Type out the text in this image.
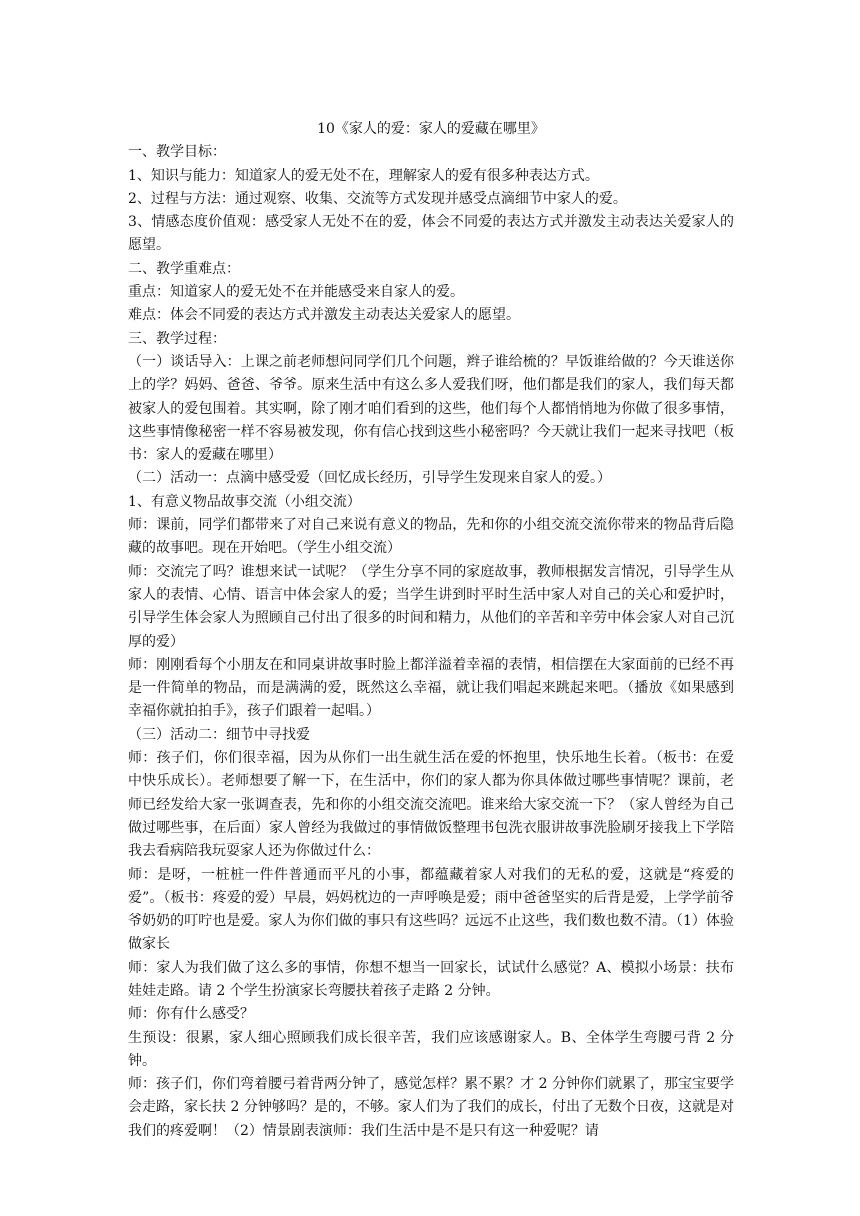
10《家人的爱：家人的爱藏在哪里》

一、教学目标：

1、知识与能力：知道家人的爱无处不在，理解家人的爱有很多种表达方式。

2、过程与方法：通过观察、收集、交流等方式发现并感受点滴细节中家人的爱。

3、情感态度价值观：感受家人无处不在的爱，体会不同爱的表达方式并激发主动表达关爱家人的愿望。

二、教学重难点：

重点：知道家人的爱无处不在并能感受来自家人的爱。

难点：体会不同爱的表达方式并激发主动表达关爱家人的愿望。

三、教学过程：

（一）谈话导入：上课之前老师想问同学们几个问题，辫子谁给梳的？早饭谁给做的？今天谁送你上的学？妈妈、爸爸、爷爷。原来生活中有这么多人爱我们呀，他们都是我们的家人，我们每天都被家人的爱包围着。其实啊，除了刚才咱们看到的这些，他们每个人都悄悄地为你做了很多事情，这些事情像秘密一样不容易被发现，你有信心找到这些小秘密吗？今天就让我们一起来寻找吧（板书：家人的爱藏在哪里）

（二）活动一：点滴中感受爱（回忆成长经历，引导学生发现来自家人的爱。）

1、有意义物品故事交流（小组交流）

师：课前，同学们都带来了对自己来说有意义的物品，先和你的小组交流交流你带来的物品背后隐藏的故事吧。现在开始吧。（学生小组交流）

师：交流完了吗？谁想来试一试呢？（学生分享不同的家庭故事，教师根据发言情况，引导学生从家人的表情、心情、语言中体会家人的爱；当学生讲到时平时生活中家人对自己的关心和爱护时，引导学生体会家人为照顾自己付出了很多的时间和精力，从他们的辛苦和辛劳中体会家人对自己沉厚的爱）

师：刚刚看每个小朋友在和同桌讲故事时脸上都洋溢着幸福的表情，相信摆在大家面前的已经不再是一件简单的物品，而是满满的爱，既然这么幸福，就让我们唱起来跳起来吧。（播放《如果感到幸福你就拍拍手》，孩子们跟着一起唱。）

（三）活动二：细节中寻找爱

师：孩子们，你们很幸福，因为从你们一出生就生活在爱的怀抱里，快乐地生长着。（板书：在爱中快乐成长）。老师想要了解一下，在生活中，你们的家人都为你具体做过哪些事情呢？课前，老师已经发给大家一张调查表，先和你的小组交流交流吧。谁来给大家交流一下？（家人曾经为自己做过哪些事，在后面）家人曾经为我做过的事情做饭整理书包洗衣服讲故事洗脸刷牙接我上下学陪我去看病陪我玩耍家人还为你做过什么：

师：是呀，一桩桩一件件普通而平凡的小事，都蕴藏着家人对我们的无私的爱，这就是“疼爱的爱”。（板书：疼爱的爱）早晨，妈妈枕边的一声呼唤是爱；雨中爸爸坚实的后背是爱，上学学前爷爷奶奶的叮咛也是爱。家人为你们做的事只有这些吗？远远不止这些，我们数也数不清。（1）体验做家长

师：家人为我们做了这么多的事情，你想不想当一回家长，试试什么感觉？A、模拟小场景：扶布娃娃走路。请 2 个学生扮演家长弯腰扶着孩子走路 2 分钟。

师：你有什么感受？

生预设：很累，家人细心照顾我们成长很辛苦，我们应该感谢家人。B、全体学生弯腰弓背 2 分钟。

师：孩子们，你们弯着腰弓着背两分钟了，感觉怎样？累不累？才 2 分钟你们就累了，那宝宝要学会走路，家长扶 2 分钟够吗？是的，不够。家人们为了我们的成长，付出了无数个日夜，这就是对我们的疼爱啊！（2）情景剧表演师：我们生活中是不是只有这一种爱呢？请
